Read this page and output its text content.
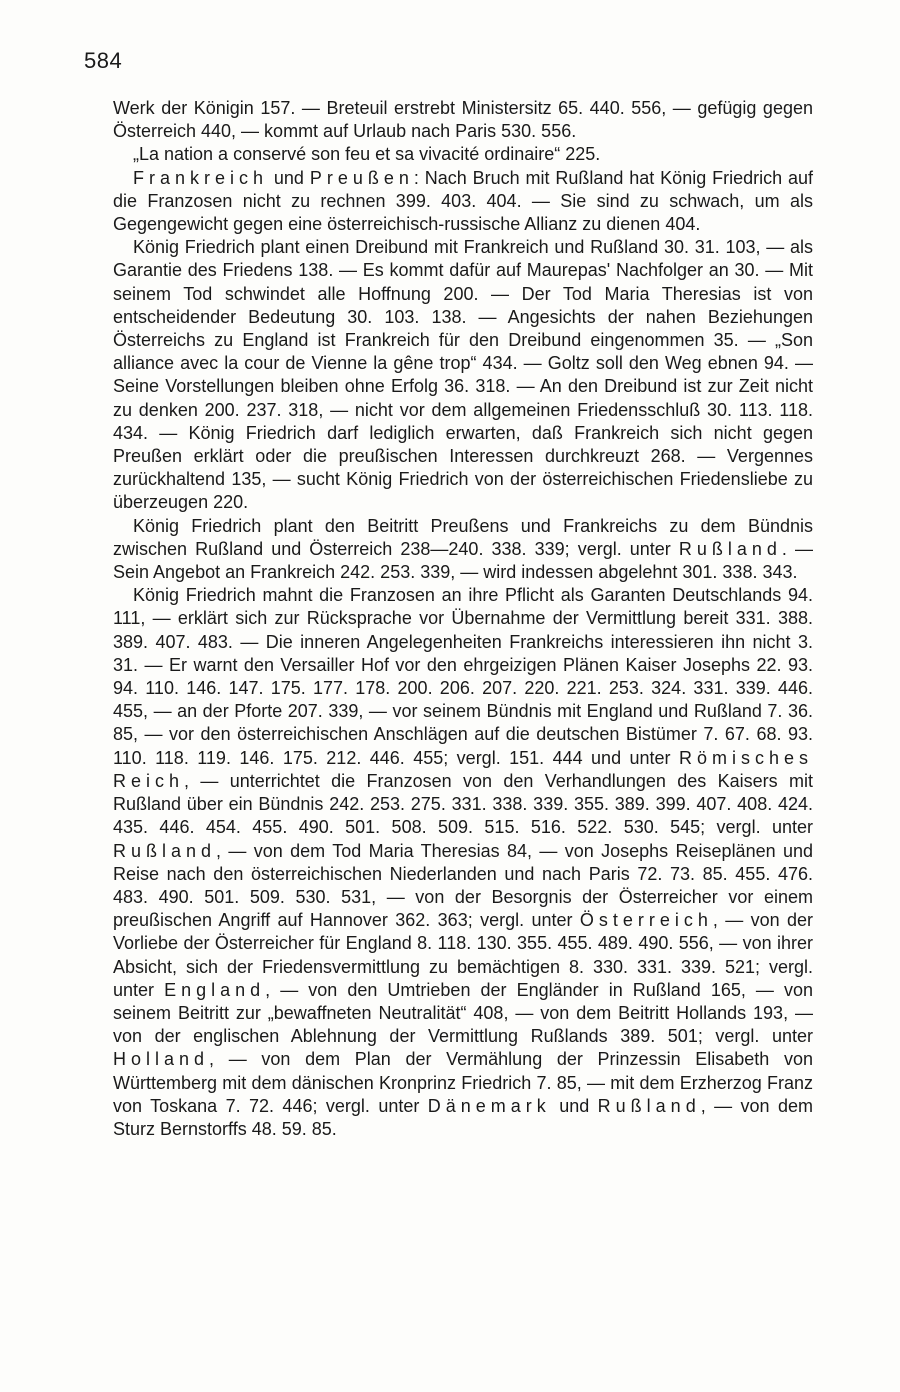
584

Werk der Königin 157. — Breteuil erstrebt Ministersitz 65. 440. 556, — gefügig gegen Österreich 440, — kommt auf Urlaub nach Paris 530. 556.

„La nation a conservé son feu et sa vivacité ordinaire“ 225.

Frankreich und Preußen: Nach Bruch mit Rußland hat König Friedrich auf die Franzosen nicht zu rechnen 399. 403. 404. — Sie sind zu schwach, um als Gegengewicht gegen eine österreichisch-russische Allianz zu dienen 404.

König Friedrich plant einen Dreibund mit Frankreich und Rußland 30. 31. 103, — als Garantie des Friedens 138. — Es kommt dafür auf Maurepas' Nachfolger an 30. — Mit seinem Tod schwindet alle Hoffnung 200. — Der Tod Maria Theresias ist von entscheidender Bedeutung 30. 103. 138. — Angesichts der nahen Beziehungen Österreichs zu England ist Frankreich für den Dreibund eingenommen 35. — „Son alliance avec la cour de Vienne la gêne trop“ 434. — Goltz soll den Weg ebnen 94. — Seine Vorstellungen bleiben ohne Erfolg 36. 318. — An den Dreibund ist zur Zeit nicht zu denken 200. 237. 318, — nicht vor dem allgemeinen Friedensschluß 30. 113. 118. 434. — König Friedrich darf lediglich erwarten, daß Frankreich sich nicht gegen Preußen erklärt oder die preußischen Interessen durchkreuzt 268. — Vergennes zurückhaltend 135, — sucht König Friedrich von der österreichischen Friedensliebe zu überzeugen 220.

König Friedrich plant den Beitritt Preußens und Frankreichs zu dem Bündnis zwischen Rußland und Österreich 238—240. 338. 339; vergl. unter Rußland. — Sein Angebot an Frankreich 242. 253. 339, — wird indessen abgelehnt 301. 338. 343.

König Friedrich mahnt die Franzosen an ihre Pflicht als Garanten Deutschlands 94. 111, — erklärt sich zur Rücksprache vor Übernahme der Vermittlung bereit 331. 388. 389. 407. 483. — Die inneren Angelegenheiten Frankreichs interessieren ihn nicht 3. 31. — Er warnt den Versailler Hof vor den ehrgeizigen Plänen Kaiser Josephs 22. 93. 94. 110. 146. 147. 175. 177. 178. 200. 206. 207. 220. 221. 253. 324. 331. 339. 446. 455, — an der Pforte 207. 339, — vor seinem Bündnis mit England und Rußland 7. 36. 85, — vor den österreichischen Anschlägen auf die deutschen Bistümer 7. 67. 68. 93. 110. 118. 119. 146. 175. 212. 446. 455; vergl. 151. 444 und unter Römisches Reich, — unterrichtet die Franzosen von den Verhandlungen des Kaisers mit Rußland über ein Bündnis 242. 253. 275. 331. 338. 339. 355. 389. 399. 407. 408. 424. 435. 446. 454. 455. 490. 501. 508. 509. 515. 516. 522. 530. 545; vergl. unter Rußland, — von dem Tod Maria Theresias 84, — von Josephs Reiseplänen und Reise nach den österreichischen Niederlanden und nach Paris 72. 73. 85. 455. 476. 483. 490. 501. 509. 530. 531, — von der Besorgnis der Österreicher vor einem preußischen Angriff auf Hannover 362. 363; vergl. unter Österreich, — von der Vorliebe der Österreicher für England 8. 118. 130. 355. 455. 489. 490. 556, — von ihrer Absicht, sich der Friedensvermittlung zu bemächtigen 8. 330. 331. 339. 521; vergl. unter England, — von den Umtrieben der Engländer in Rußland 165, — von seinem Beitritt zur „bewaffneten Neutralität“ 408, — von dem Beitritt Hollands 193, — von der englischen Ablehnung der Vermittlung Rußlands 389. 501; vergl. unter Holland, — von dem Plan der Vermählung der Prinzessin Elisabeth von Württemberg mit dem dänischen Kronprinz Friedrich 7. 85, — mit dem Erzherzog Franz von Toskana 7. 72. 446; vergl. unter Dänemark und Rußland, — von dem Sturz Bernstorffs 48. 59. 85.
